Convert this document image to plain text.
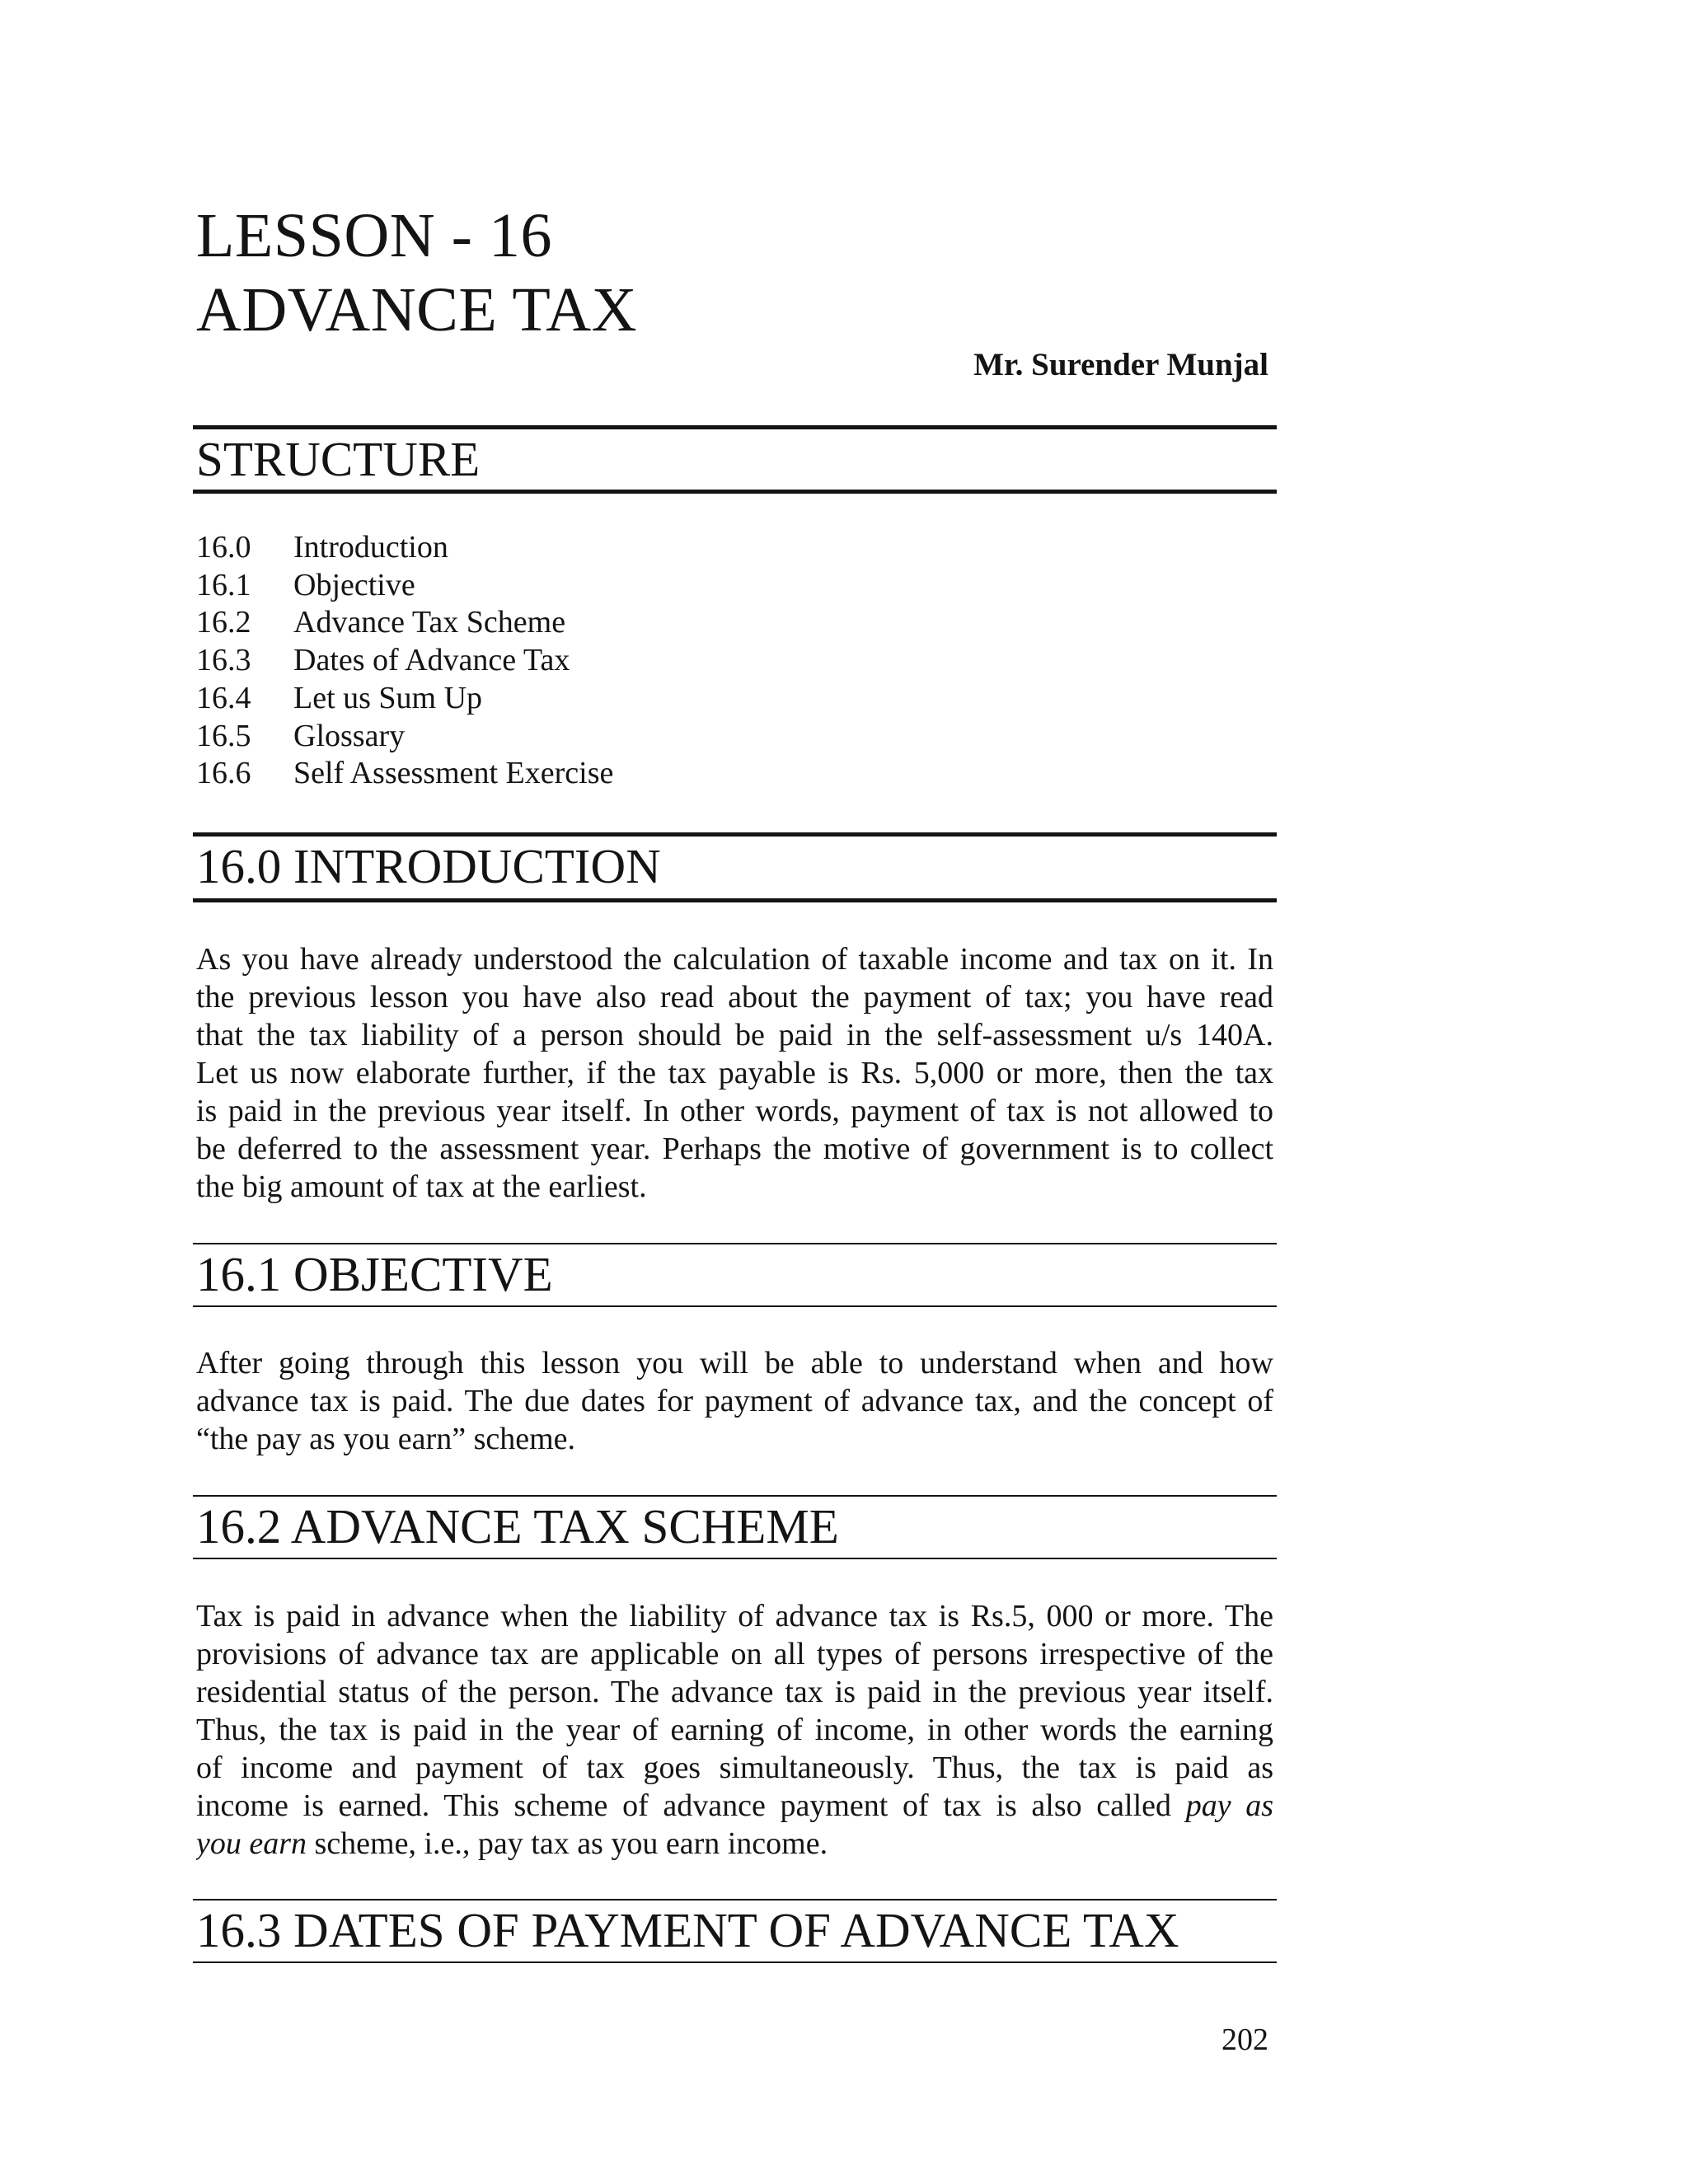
LESSON - 16
ADVANCE TAX

Mr. Surender Munjal

STRUCTURE
16.0	Introduction
16.1	Objective
16.2	Advance Tax Scheme
16.3	Dates of Advance Tax
16.4	Let us Sum Up
16.5	Glossary
16.6	Self Assessment Exercise
16.0 INTRODUCTION
As you have already understood the calculation of taxable income and tax on it. In
the previous lesson you have also read about the payment of tax; you have read
that the tax liability of a person should be paid in the self-assessment u/s 140A.
Let us now elaborate further, if the tax payable is Rs. 5,000 or more, then the tax
is paid in the previous year itself. In other words, payment of tax is not allowed to
be deferred to the assessment year. Perhaps the motive of government is to collect
the big amount of tax at the earliest.
16.1 OBJECTIVE
After going through this lesson you will be able to understand when and how
advance tax is paid. The due dates for payment of advance tax, and the concept of
“the pay as you earn” scheme.
16.2 ADVANCE TAX SCHEME
Tax is paid in advance when the liability of advance tax is Rs.5, 000 or more. The
provisions of advance tax are applicable on all types of persons irrespective of the
residential status of the person. The advance tax is paid in the previous year itself.
Thus, the tax is paid in the year of earning of income, in other words the earning
of income and payment of tax goes simultaneously. Thus, the tax is paid as
income is earned. This scheme of advance payment of tax is also called pay as
you earn scheme, i.e., pay tax as you earn income.
16.3 DATES OF PAYMENT OF ADVANCE TAX

202
